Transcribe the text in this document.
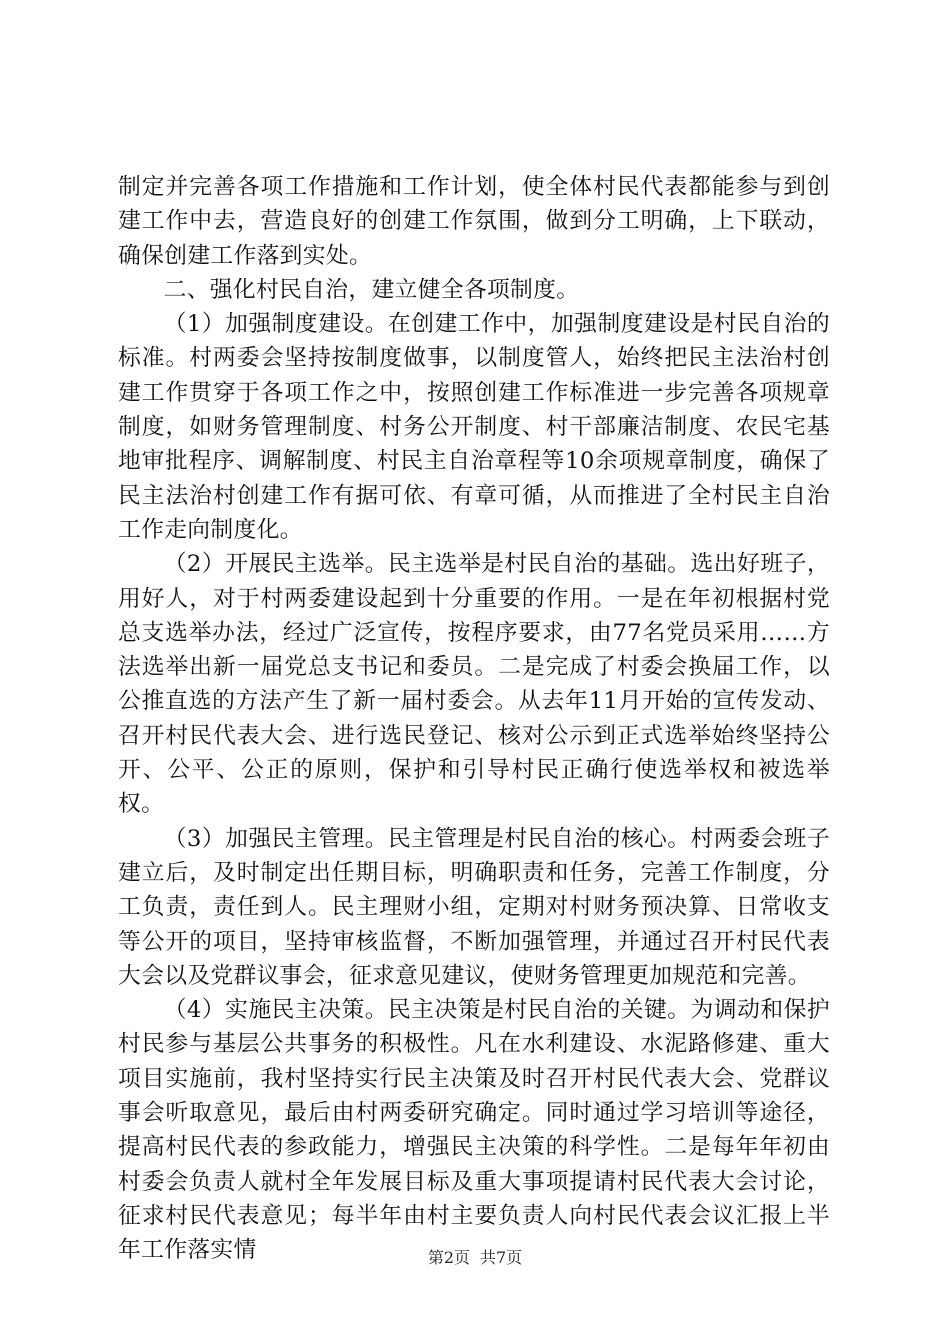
制定并完善各项工作措施和工作计划，使全体村民代表都能参与到创建工作中去，营造良好的创建工作氛围，做到分工明确，上下联动，确保创建工作落到实处。

二、强化村民自治，建立健全各项制度。

（1）加强制度建设。在创建工作中，加强制度建设是村民自治的标准。村两委会坚持按制度做事，以制度管人，始终把民主法治村创建工作贯穿于各项工作之中，按照创建工作标准进一步完善各项规章制度，如财务管理制度、村务公开制度、村干部廉洁制度、农民宅基地审批程序、调解制度、村民主自治章程等10余项规章制度，确保了民主法治村创建工作有据可依、有章可循，从而推进了全村民主自治工作走向制度化。

（2）开展民主选举。民主选举是村民自治的基础。选出好班子，用好人，对于村两委建设起到十分重要的作用。一是在年初根据村党总支选举办法，经过广泛宣传，按程序要求，由77名党员采用……方法选举出新一届党总支书记和委员。二是完成了村委会换届工作，以公推直选的方法产生了新一届村委会。从去年11月开始的宣传发动、召开村民代表大会、进行选民登记、核对公示到正式选举始终坚持公开、公平、公正的原则，保护和引导村民正确行使选举权和被选举权。

（3）加强民主管理。民主管理是村民自治的核心。村两委会班子建立后，及时制定出任期目标，明确职责和任务，完善工作制度，分工负责，责任到人。民主理财小组，定期对村财务预决算、日常收支等公开的项目，坚持审核监督，不断加强管理，并通过召开村民代表大会以及党群议事会，征求意见建议，使财务管理更加规范和完善。

（4）实施民主决策。民主决策是村民自治的关键。为调动和保护村民参与基层公共事务的积极性。凡在水利建设、水泥路修建、重大项目实施前，我村坚持实行民主决策及时召开村民代表大会、党群议事会听取意见，最后由村两委研究确定。同时通过学习培训等途径，提高村民代表的参政能力，增强民主决策的科学性。二是每年年初由村委会负责人就村全年发展目标及重大事项提请村民代表大会讨论，征求村民代表意见；每半年由村主要负责人向村民代表会议汇报上半年工作落实情	第2页 共7页
